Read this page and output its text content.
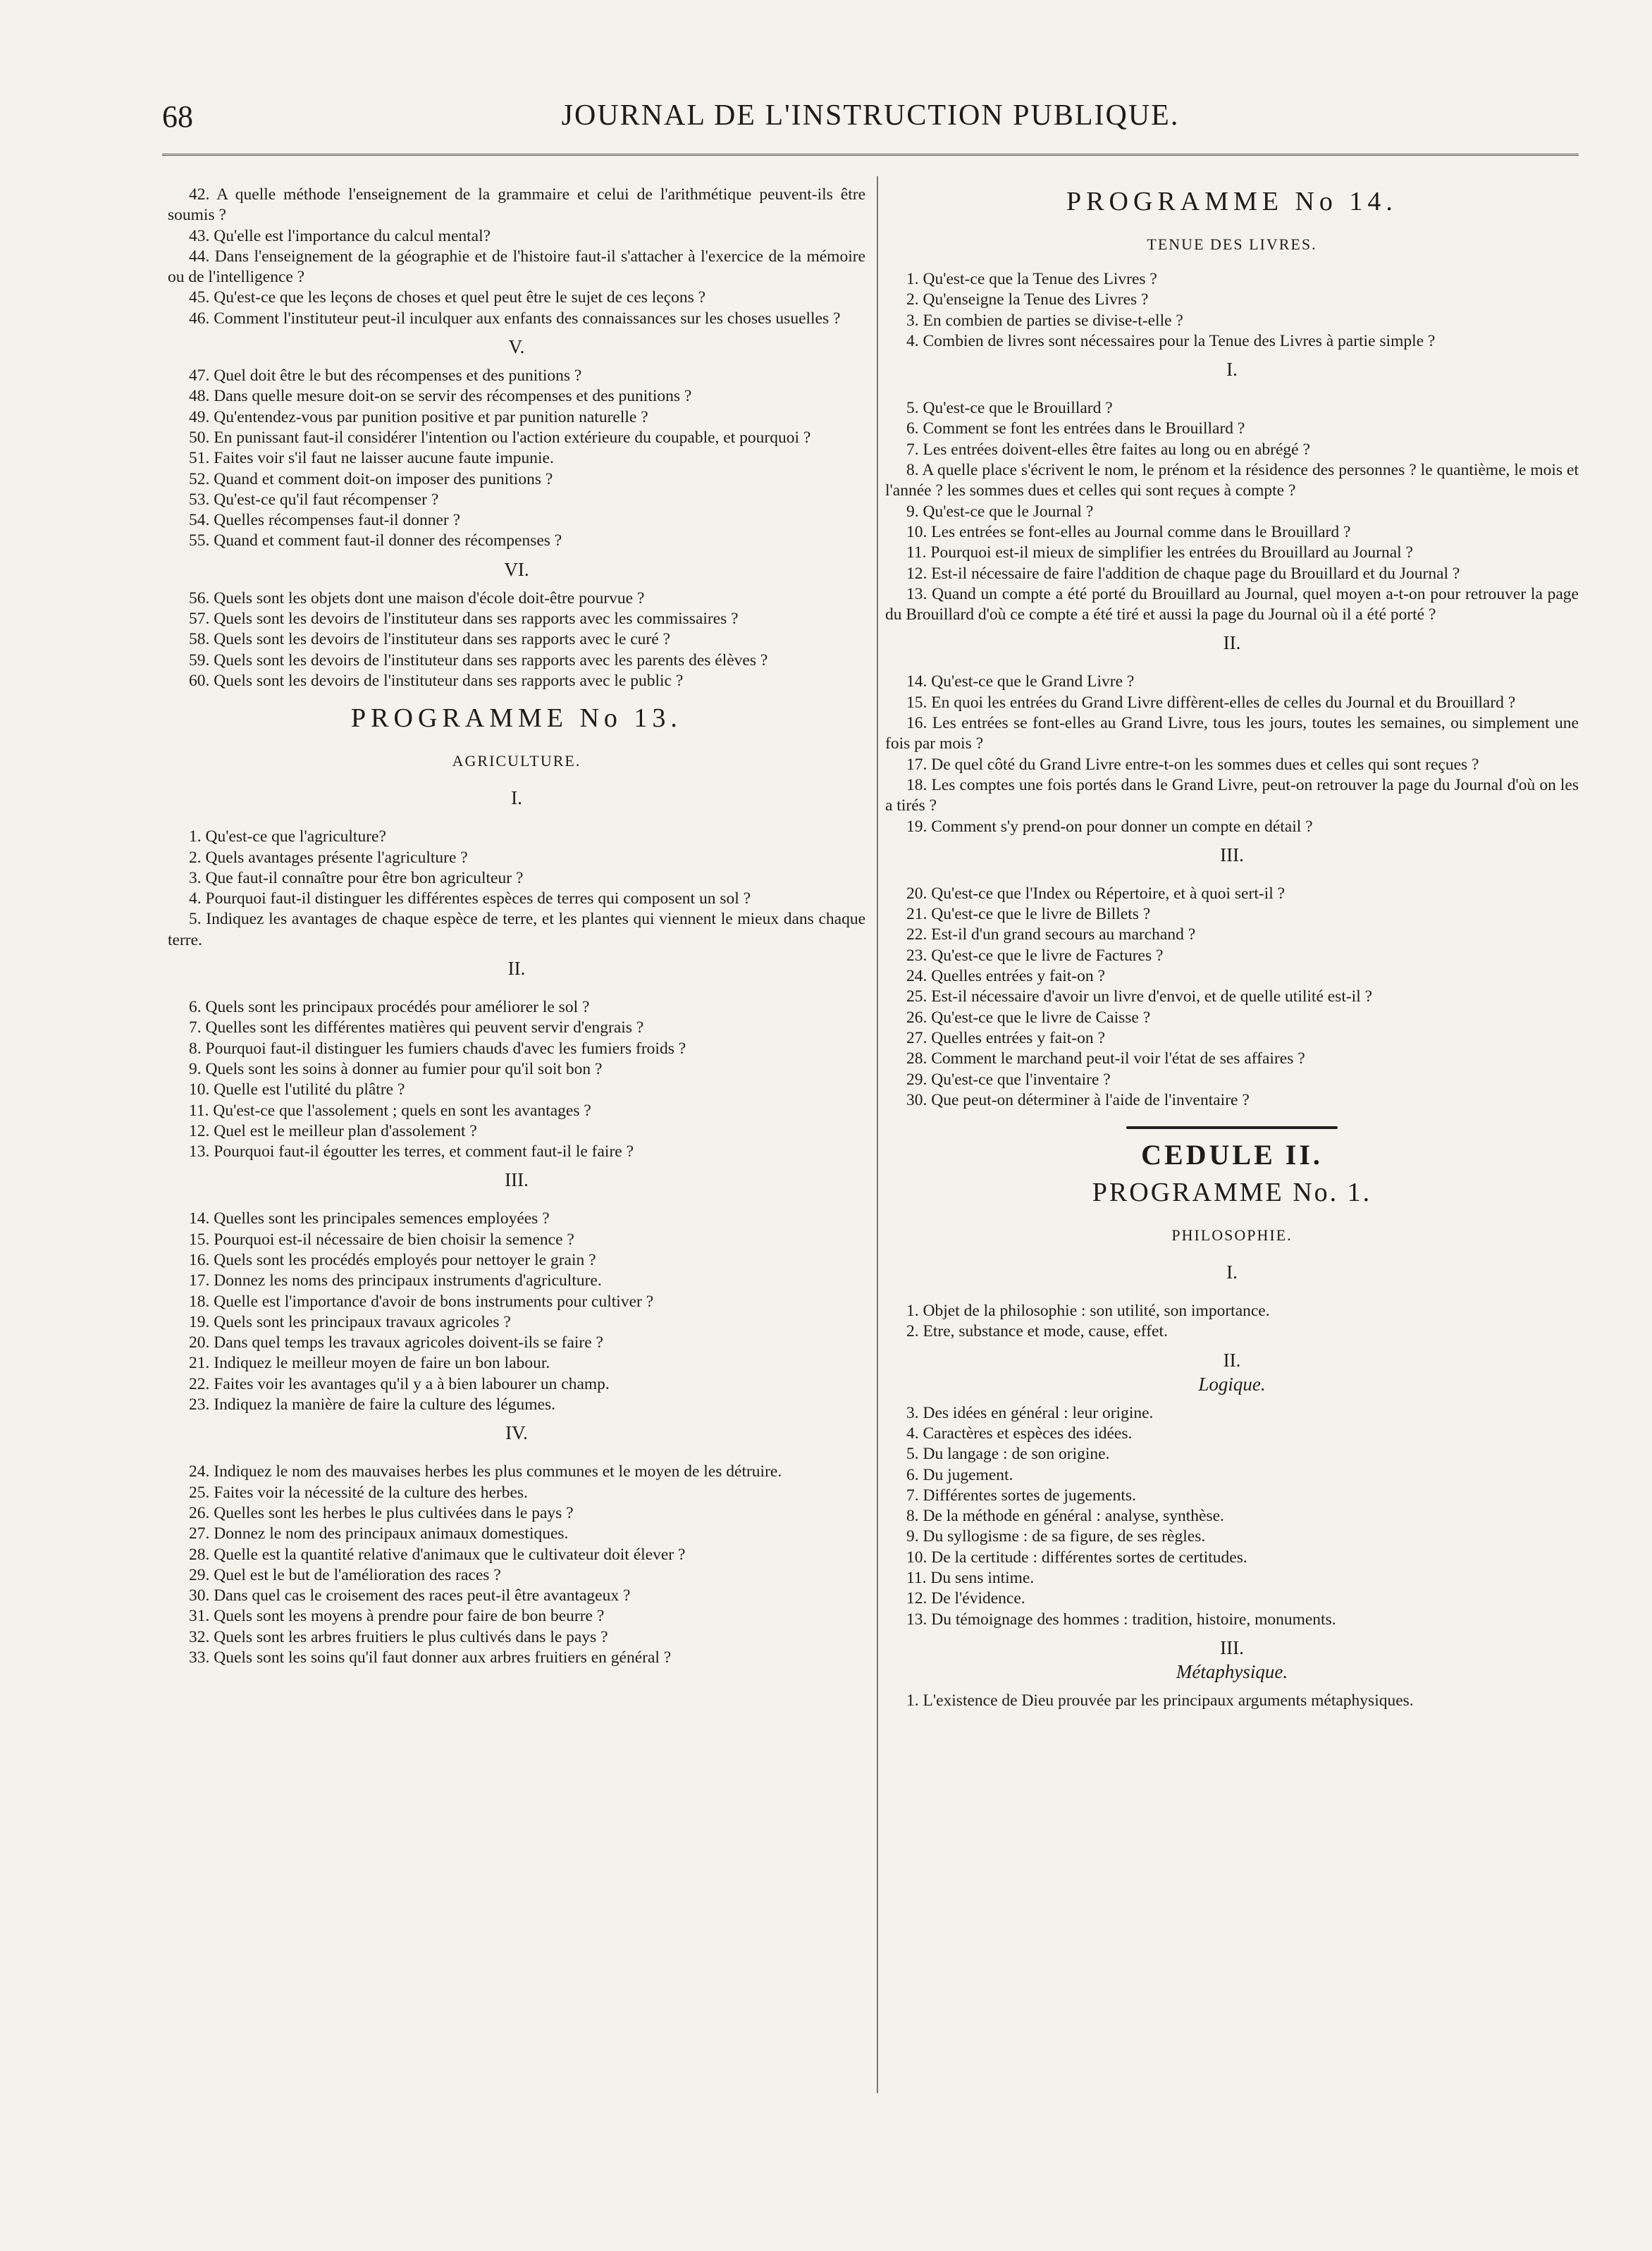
68	JOURNAL DE L'INSTRUCTION PUBLIQUE.

42. A quelle méthode l'enseignement de la grammaire et celui de l'arithmétique peuvent-ils être soumis ?

43. Qu'elle est l'importance du calcul mental?

44. Dans l'enseignement de la géographie et de l'histoire faut-il s'attacher à l'exercice de la mémoire ou de l'intelligence ?

45. Qu'est-ce que les leçons de choses et quel peut être le sujet de ces leçons ?

46. Comment l'instituteur peut-il inculquer aux enfants des connaissances sur les choses usuelles ?

V.

47. Quel doit être le but des récompenses et des punitions ?

48. Dans quelle mesure doit-on se servir des récompenses et des punitions ?

49. Qu'entendez-vous par punition positive et par punition naturelle ?

50. En punissant faut-il considérer l'intention ou l'action extérieure du coupable, et pourquoi ?

51. Faites voir s'il faut ne laisser aucune faute impunie.

52. Quand et comment doit-on imposer des punitions ?

53. Qu'est-ce qu'il faut récompenser ?

54. Quelles récompenses faut-il donner ?

55. Quand et comment faut-il donner des récompenses ?

VI.

56. Quels sont les objets dont une maison d'école doit-être pourvue ?

57. Quels sont les devoirs de l'instituteur dans ses rapports avec les commissaires ?

58. Quels sont les devoirs de l'instituteur dans ses rapports avec le curé ?

59. Quels sont les devoirs de l'instituteur dans ses rapports avec les parents des élèves ?

60. Quels sont les devoirs de l'instituteur dans ses rapports avec le public ?

PROGRAMME No 13.
AGRICULTURE.
I.

1. Qu'est-ce que l'agriculture?

2. Quels avantages présente l'agriculture ?

3. Que faut-il connaître pour être bon agriculteur ?

4. Pourquoi faut-il distinguer les différentes espèces de terres qui composent un sol ?

5. Indiquez les avantages de chaque espèce de terre, et les plantes qui viennent le mieux dans chaque terre.

II.

6. Quels sont les principaux procédés pour améliorer le sol ?

7. Quelles sont les différentes matières qui peuvent servir d'engrais ?

8. Pourquoi faut-il distinguer les fumiers chauds d'avec les fumiers froids ?

9. Quels sont les soins à donner au fumier pour qu'il soit bon ?

10. Quelle est l'utilité du plâtre ?

11. Qu'est-ce que l'assolement ; quels en sont les avantages ?

12. Quel est le meilleur plan d'assolement ?

13. Pourquoi faut-il égoutter les terres, et comment faut-il le faire ?

III.

14. Quelles sont les principales semences employées ?

15. Pourquoi est-il nécessaire de bien choisir la semence ?

16. Quels sont les procédés employés pour nettoyer le grain ?

17. Donnez les noms des principaux instruments d'agriculture.

18. Quelle est l'importance d'avoir de bons instruments pour cultiver ?

19. Quels sont les principaux travaux agricoles ?

20. Dans quel temps les travaux agricoles doivent-ils se faire ?

21. Indiquez le meilleur moyen de faire un bon labour.

22. Faites voir les avantages qu'il y a à bien labourer un champ.

23. Indiquez la manière de faire la culture des légumes.

IV.

24. Indiquez le nom des mauvaises herbes les plus communes et le moyen de les détruire.

25. Faites voir la nécessité de la culture des herbes.

26. Quelles sont les herbes le plus cultivées dans le pays ?

27. Donnez le nom des principaux animaux domestiques.

28. Quelle est la quantité relative d'animaux que le cultivateur doit élever ?

29. Quel est le but de l'amélioration des races ?

30. Dans quel cas le croisement des races peut-il être avantageux ?

31. Quels sont les moyens à prendre pour faire de bon beurre ?

32. Quels sont les arbres fruitiers le plus cultivés dans le pays ?

33. Quels sont les soins qu'il faut donner aux arbres fruitiers en général ?

PROGRAMME No 14.
TENUE DES LIVRES.

1. Qu'est-ce que la Tenue des Livres ?

2. Qu'enseigne la Tenue des Livres ?

3. En combien de parties se divise-t-elle ?

4. Combien de livres sont nécessaires pour la Tenue des Livres à partie simple ?

I.

5. Qu'est-ce que le Brouillard ?

6. Comment se font les entrées dans le Brouillard ?

7. Les entrées doivent-elles être faites au long ou en abrégé ?

8. A quelle place s'écrivent le nom, le prénom et la résidence des personnes ? le quantième, le mois et l'année ? les sommes dues et celles qui sont reçues à compte ?

9. Qu'est-ce que le Journal ?

10. Les entrées se font-elles au Journal comme dans le Brouillard ?

11. Pourquoi est-il mieux de simplifier les entrées du Brouillard au Journal ?

12. Est-il nécessaire de faire l'addition de chaque page du Brouillard et du Journal ?

13. Quand un compte a été porté du Brouillard au Journal, quel moyen a-t-on pour retrouver la page du Brouillard d'où ce compte a été tiré et aussi la page du Journal où il a été porté ?

II.

14. Qu'est-ce que le Grand Livre ?

15. En quoi les entrées du Grand Livre diffèrent-elles de celles du Journal et du Brouillard ?

16. Les entrées se font-elles au Grand Livre, tous les jours, toutes les semaines, ou simplement une fois par mois ?

17. De quel côté du Grand Livre entre-t-on les sommes dues et celles qui sont reçues ?

18. Les comptes une fois portés dans le Grand Livre, peut-on retrouver la page du Journal d'où on les a tirés ?

19. Comment s'y prend-on pour donner un compte en détail ?

III.

20. Qu'est-ce que l'Index ou Répertoire, et à quoi sert-il ?

21. Qu'est-ce que le livre de Billets ?

22. Est-il d'un grand secours au marchand ?

23. Qu'est-ce que le livre de Factures ?

24. Quelles entrées y fait-on ?

25. Est-il nécessaire d'avoir un livre d'envoi, et de quelle utilité est-il ?

26. Qu'est-ce que le livre de Caisse ?

27. Quelles entrées y fait-on ?

28. Comment le marchand peut-il voir l'état de ses affaires ?

29. Qu'est-ce que l'inventaire ?

30. Que peut-on déterminer à l'aide de l'inventaire ?

CEDULE II.
PROGRAMME No. 1.
PHILOSOPHIE.
I.

1. Objet de la philosophie : son utilité, son importance.

2. Etre, substance et mode, cause, effet.

II.
Logique.

3. Des idées en général : leur origine.

4. Caractères et espèces des idées.

5. Du langage : de son origine.

6. Du jugement.

7. Différentes sortes de jugements.

8. De la méthode en général : analyse, synthèse.

9. Du syllogisme : de sa figure, de ses règles.

10. De la certitude : différentes sortes de certitudes.

11. Du sens intime.

12. De l'évidence.

13. Du témoignage des hommes : tradition, histoire, monuments.

III.
Métaphysique.

1. L'existence de Dieu prouvée par les principaux arguments métaphysiques.
